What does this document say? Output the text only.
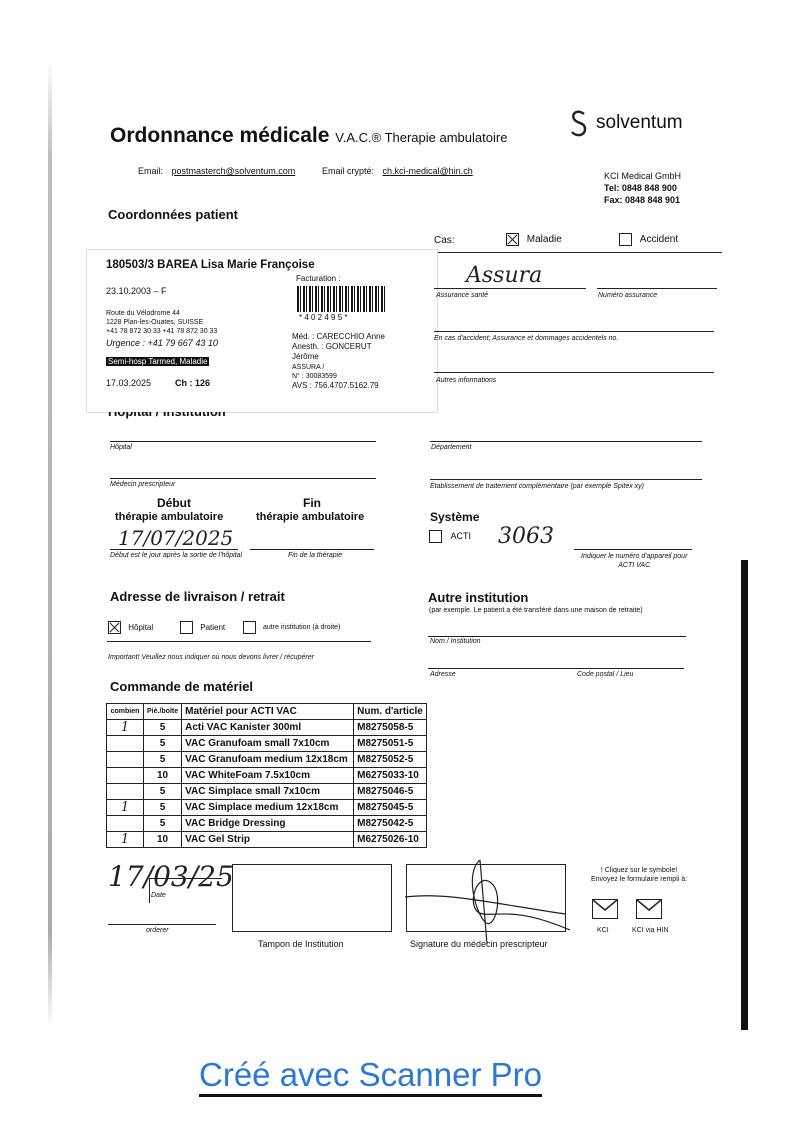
Ordonnance médicale V.A.C.® Therapie ambulatoire
solventum
Email: postmasterch@solventum.com	Email crypté: ch.kci-medical@hin.ch	KCI Medical GmbH
Tel: 0848 848 900
Fax: 0848 848 901
Coordonnées patient
Cas:	Maladie	Accident
180503/3 BAREA Lisa Marie Françoise
Facturation :
* 4 0 2 4 9 5 *
23.10.2003 – F
Route du Vélodrome 44
1228 Plan-les-Ouates, SUISSE
+41 78 872 30 33 +41 78 872 30 33
Urgence : +41 79 667 43 10
Méd. : CARECCHIO Anne
Anesth. : GONCERUT
Jérôme
ASSURA /
N° : 30083599
AVS : 756.4707.5162.79
Semi-hosp Tarmed, Maladie
17.03.2025	Ch : 126
Assura
Assurance santé	Numéro assurance
En cas d'accident; Assurance et dommages accidentels no.
Autres informations
Hôpital	Département
Médecin prescripteur	Établissement de traitement complémentaire (par exemple Spitex xy)
Début
thérapie ambulatoire
Fin
thérapie ambulatoire
17/07/2025
Début est le jour après la sortie de l'hôpital	Fin de la thérapie
Système
ACTI 3063
Indiquer le numéro d'appareil pour
ACTI VAC
Adresse de livraison / retrait
Hôpital	Patient	autre institution (à droite)
Important! Veuillez nous indiquer où nous devons livrer / récupérer
Autre institution
(par exemple. Le patient a été transféré dans une maison de retraite)
Nom / Institution
Adresse	Code postal / Lieu
Commande de matériel
combien	Piè./boîte	Matériel pour ACTI VAC	Num. d'article
1	5	Acti VAC Kanister 300ml	M8275058-5
	5	VAC Granufoam small 7x10cm	M8275051-5
	5	VAC Granufoam medium 12x18cm	M8275052-5
	10	VAC WhiteFoam 7.5x10cm	M6275033-10
	5	VAC Simplace small 7x10cm	M8275046-5
1	5	VAC Simplace medium 12x18cm	M8275045-5
	5	VAC Bridge Dressing	M8275042-5
1	10	VAC Gel Strip	M6275026-10
17/03/25
Date
orderer
Tampon de Institution	Signature du médecin prescripteur
! Cliquez sur le symbole!
Envoyez le formulaire rempli à:
KCI	KCI via HIN
Créé avec Scanner Pro
